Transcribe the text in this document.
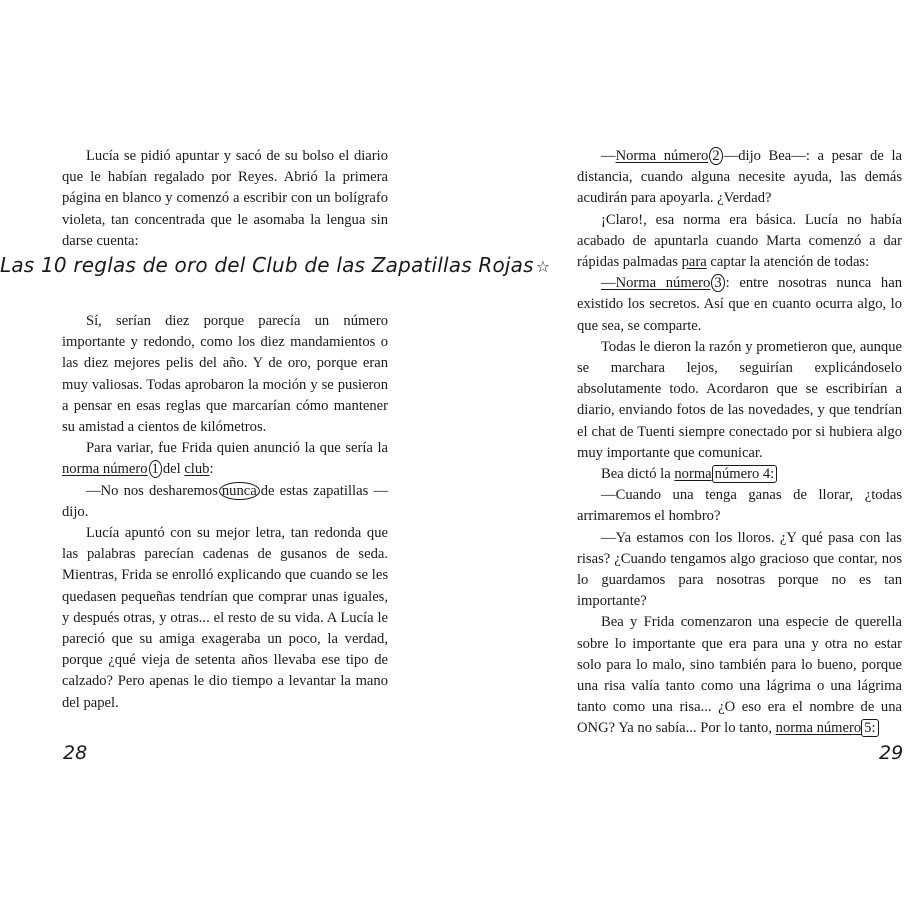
Lucía se pidió apuntar y sacó de su bolso el diario que le habían regalado por Reyes. Abrió la primera página en blanco y comenzó a escribir con un bolígrafo violeta, tan concentrada que le asomaba la lengua sin darse cuenta:

Las 10 reglas de oro del Club de las Zapatillas Rojas ☆

Sí, serían diez porque parecía un número importante y redondo, como los diez mandamientos o las diez mejores pelis del año. Y de oro, porque eran muy valiosas. Todas aprobaron la moción y se pusieron a pensar en esas reglas que marcarían cómo mantener su amistad a cientos de kilómetros.

Para variar, fue Frida quien anunció la que sería la norma número 1 del club:

—No nos desharemos nunca de estas zapatillas —dijo.

Lucía apuntó con su mejor letra, tan redonda que las palabras parecían cadenas de gusanos de seda. Mientras, Frida se enrolló explicando que cuando se les quedasen pequeñas tendrían que comprar unas iguales, y después otras, y otras... el resto de su vida. A Lucía le pareció que su amiga exageraba un poco, la verdad, porque ¿qué vieja de setenta años llevaba ese tipo de calzado? Pero apenas le dio tiempo a levantar la mano del papel.

28

—Norma número 2 —dijo Bea—: a pesar de la distancia, cuando alguna necesite ayuda, las demás acudirán para apoyarla. ¿Verdad?

¡Claro!, esa norma era básica. Lucía no había acabado de apuntarla cuando Marta comenzó a dar rápidas palmadas para captar la atención de todas:

—Norma número 3 : entre nosotras nunca han existido los secretos. Así que en cuanto ocurra algo, lo que sea, se comparte.

Todas le dieron la razón y prometieron que, aunque se marchara lejos, seguirían explicándoselo absolutamente todo. Acordaron que se escribirían a diario, enviando fotos de las novedades, y que tendrían el chat de Tuenti siempre conectado por si hubiera algo muy importante que comunicar.

Bea dictó la norma número 4:

—Cuando una tenga ganas de llorar, ¿todas arrimaremos el hombro?

—Ya estamos con los lloros. ¿Y qué pasa con las risas? ¿Cuando tengamos algo gracioso que contar, nos lo guardamos para nosotras porque no es tan importante?

Bea y Frida comenzaron una especie de querella sobre lo importante que era para una y otra no estar solo para lo malo, sino también para lo bueno, porque una risa valía tanto como una lágrima o una lágrima tanto como una risa... ¿O eso era el nombre de una ONG? Ya no sabía... Por lo tanto, norma número 5:

29
